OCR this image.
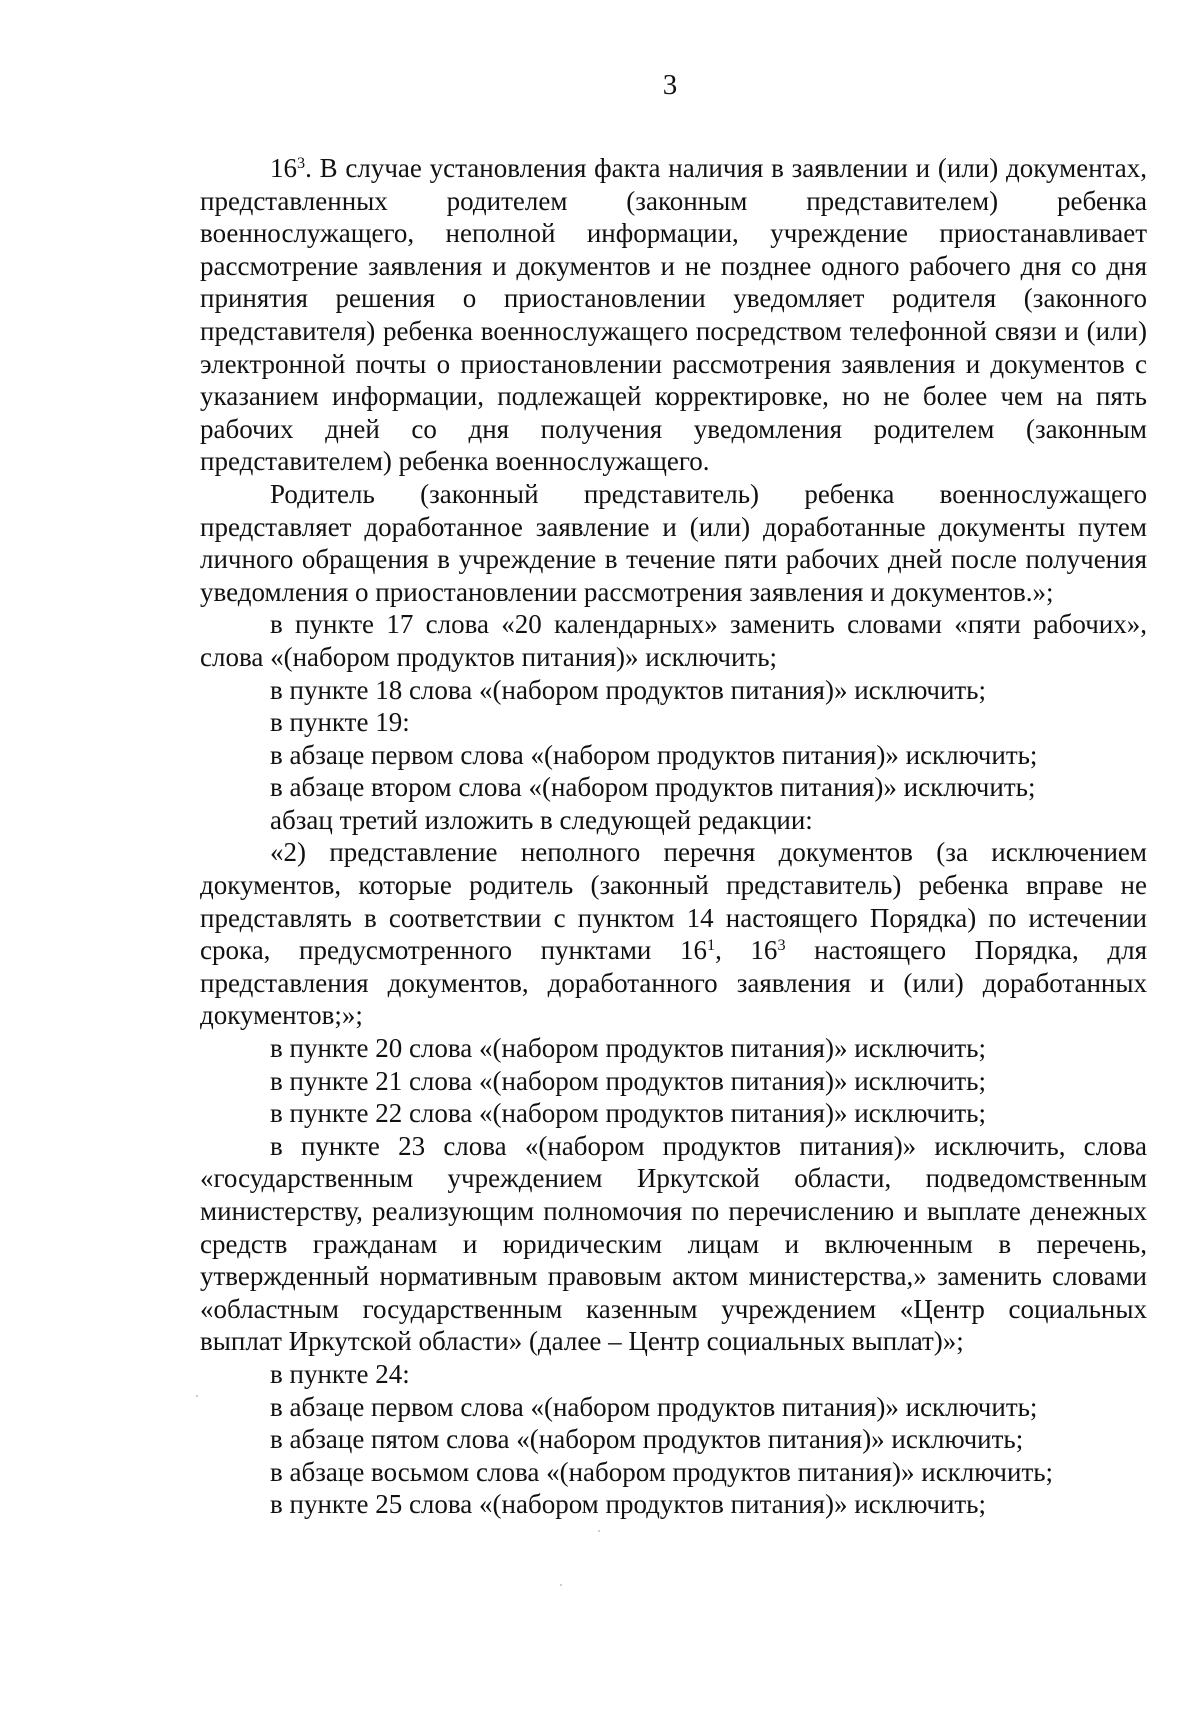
3

$16^3$. В случае установления факта наличия в заявлении и (или) документах, представленных родителем (законным представителем) ребенка военнослужащего, неполной информации, учреждение приостанавливает рассмотрение заявления и документов и не позднее одного рабочего дня со дня принятия решения о приостановлении уведомляет родителя (законного представителя) ребенка военнослужащего посредством телефонной связи и (или) электронной почты о приостановлении рассмотрения заявления и документов с указанием информации, подлежащей корректировке, но не более чем на пять рабочих дней со дня получения уведомления родителем (законным представителем) ребенка военнослужащего.

Родитель (законный представитель) ребенка военнослужащего представляет доработанное заявление и (или) доработанные документы путем личного обращения в учреждение в течение пяти рабочих дней после получения уведомления о приостановлении рассмотрения заявления и документов.»;

в пункте 17 слова «20 календарных» заменить словами «пяти рабочих», слова «(набором продуктов питания)» исключить;

в пункте 18 слова «(набором продуктов питания)» исключить;

в пункте 19:

в абзаце первом слова «(набором продуктов питания)» исключить;

в абзаце втором слова «(набором продуктов питания)» исключить;

абзац третий изложить в следующей редакции:

«2) представление неполного перечня документов (за исключением документов, которые родитель (законный представитель) ребенка вправе не представлять в соответствии с пунктом 14 настоящего Порядка) по истечении срока, предусмотренного пунктами $16^1$, $16^3$ настоящего Порядка, для представления документов, доработанного заявления и (или) доработанных документов;»;

в пункте 20 слова «(набором продуктов питания)» исключить;

в пункте 21 слова «(набором продуктов питания)» исключить;

в пункте 22 слова «(набором продуктов питания)» исключить;

в пункте 23 слова «(набором продуктов питания)» исключить, слова «государственным учреждением Иркутской области, подведомственным министерству, реализующим полномочия по перечислению и выплате денежных средств гражданам и юридическим лицам и включенным в перечень, утвержденный нормативным правовым актом министерства,» заменить словами «областным государственным казенным учреждением «Центр социальных выплат Иркутской области» (далее – Центр социальных выплат)»;

в пункте 24:

в абзаце первом слова «(набором продуктов питания)» исключить;

в абзаце пятом слова «(набором продуктов питания)» исключить;

в абзаце восьмом слова «(набором продуктов питания)» исключить;

в пункте 25 слова «(набором продуктов питания)» исключить;
